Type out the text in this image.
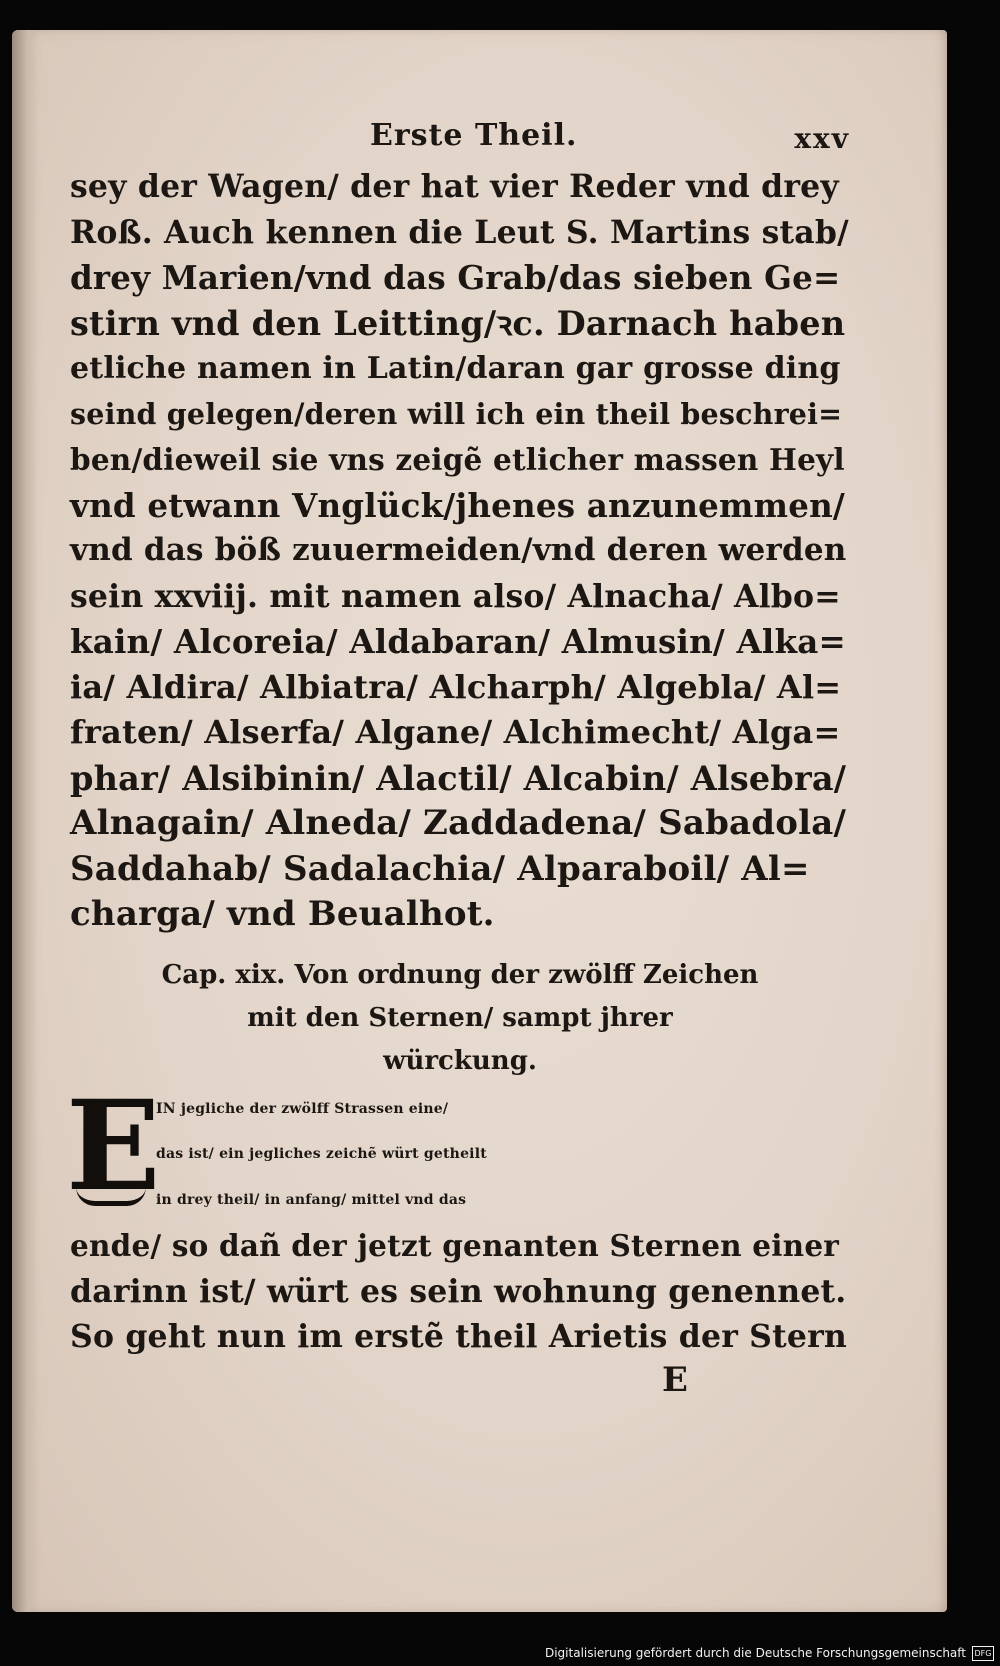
Erste Theil.	xxv
sey der Wagen/ der hat vier Reder vnd drey
Roß. Auch kennen die Leut S. Martins stab/
drey Marien/vnd das Grab/das sieben Ge=
stirn vnd den Leitting/ꝛc. Darnach haben
etliche namen in Latin/daran gar grosse ding
seind gelegen/deren will ich ein theil beschrei=
ben/dieweil sie vns zeigẽ etlicher massen Heyl
vnd etwann Vnglück/jhenes anzunemmen/
vnd das böß zuuermeiden/vnd deren werden
sein xxviij. mit namen also/ Alnacha/ Albo=
kain/ Alcoreia/ Aldabaran/ Almusin/ Alka=
ia/ Aldira/ Albiatra/ Alcharph/ Algebla/ Al=
fraten/ Alserfa/ Algane/ Alchimecht/ Alga=
phar/ Alsibinin/ Alactil/ Alcabin/ Alsebra/
Alnagain/ Alneda/ Zaddadena/ Sabadola/
Saddahab/ Sadalachia/ Alparaboil/ Al=
charga/ vnd Beualhot.
Cap. xix. Von ordnung der zwölff Zeichen
mit den Sternen/ sampt jhrer
würckung.
E
IN jegliche der zwölff Strassen eine/
das ist/ ein jegliches zeichẽ würt getheilt
in drey theil/ in anfang/ mittel vnd das
ende/ so dañ der jetzt genanten Sternen einer
darinn ist/ würt es sein wohnung genennet.
So geht nun im erstẽ theil Arietis der Stern
E
Digitalisierung gefördert durch die Deutsche Forschungsgemeinschaft	DFG
